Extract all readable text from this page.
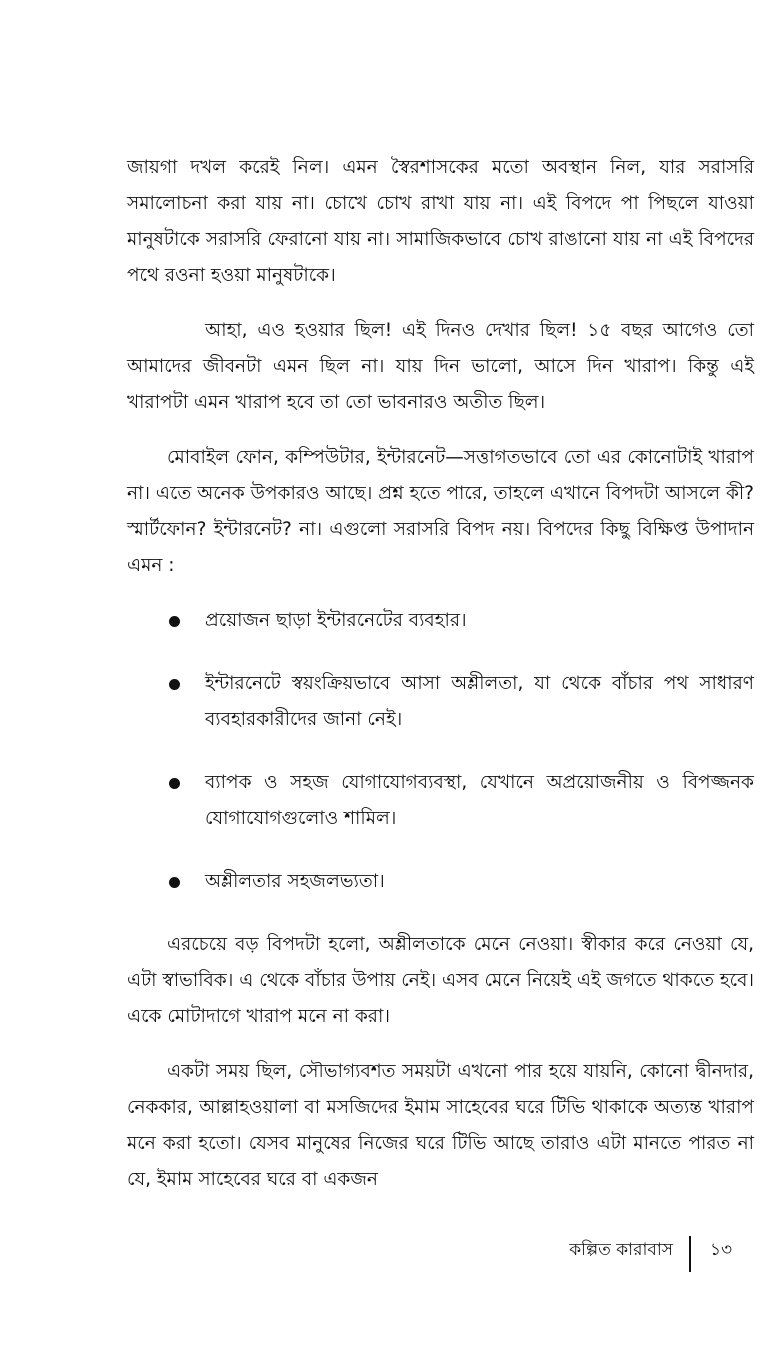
জায়গা দখল করেই নিল। এমন স্বৈরশাসকের মতো অবস্থান নিল, যার সরাসরি সমালোচনা করা যায় না। চোখে চোখ রাখা যায় না। এই বিপদে পা পিছলে যাওয়া মানুষটাকে সরাসরি ফেরানো যায় না। সামাজিকভাবে চোখ রাঙানো যায় না এই বিপদের পথে রওনা হওয়া মানুষটাকে।

আহা, এও হওয়ার ছিল! এই দিনও দেখার ছিল! ১৫ বছর আগেও তো আমাদের জীবনটা এমন ছিল না। যায় দিন ভালো, আসে দিন খারাপ। কিন্তু এই খারাপটা এমন খারাপ হবে তা তো ভাবনারও অতীত ছিল।

মোবাইল ফোন, কম্পিউটার, ইন্টারনেট—সত্তাগতভাবে তো এর কোনোটাই খারাপ না। এতে অনেক উপকারও আছে। প্রশ্ন হতে পারে, তাহলে এখানে বিপদটা আসলে কী? স্মার্টফোন? ইন্টারনেট? না। এগুলো সরাসরি বিপদ নয়। বিপদের কিছু বিক্ষিপ্ত উপাদান এমন :

প্রয়োজন ছাড়া ইন্টারনেটের ব্যবহার।
ইন্টারনেটে স্বয়ংক্রিয়ভাবে আসা অশ্লীলতা, যা থেকে বাঁচার পথ সাধারণ ব্যবহারকারীদের জানা নেই।
ব্যাপক ও সহজ যোগাযোগব্যবস্থা, যেখানে অপ্রয়োজনীয় ও বিপজ্জনক যোগাযোগগুলোও শামিল।
অশ্লীলতার সহজলভ্যতা।

এরচেয়ে বড় বিপদটা হলো, অশ্লীলতাকে মেনে নেওয়া। স্বীকার করে নেওয়া যে, এটা স্বাভাবিক। এ থেকে বাঁচার উপায় নেই। এসব মেনে নিয়েই এই জগতে থাকতে হবে। একে মোটাদাগে খারাপ মনে না করা।

একটা সময় ছিল, সৌভাগ্যবশত সময়টা এখনো পার হয়ে যায়নি, কোনো দ্বীনদার, নেককার, আল্লাহওয়ালা বা মসজিদের ইমাম সাহেবের ঘরে টিভি থাকাকে অত্যন্ত খারাপ মনে করা হতো। যেসব মানুষের নিজের ঘরে টিভি আছে তারাও এটা মানতে পারত না যে, ইমাম সাহেবের ঘরে বা একজন

কল্পিত কারাবাস ১৩
